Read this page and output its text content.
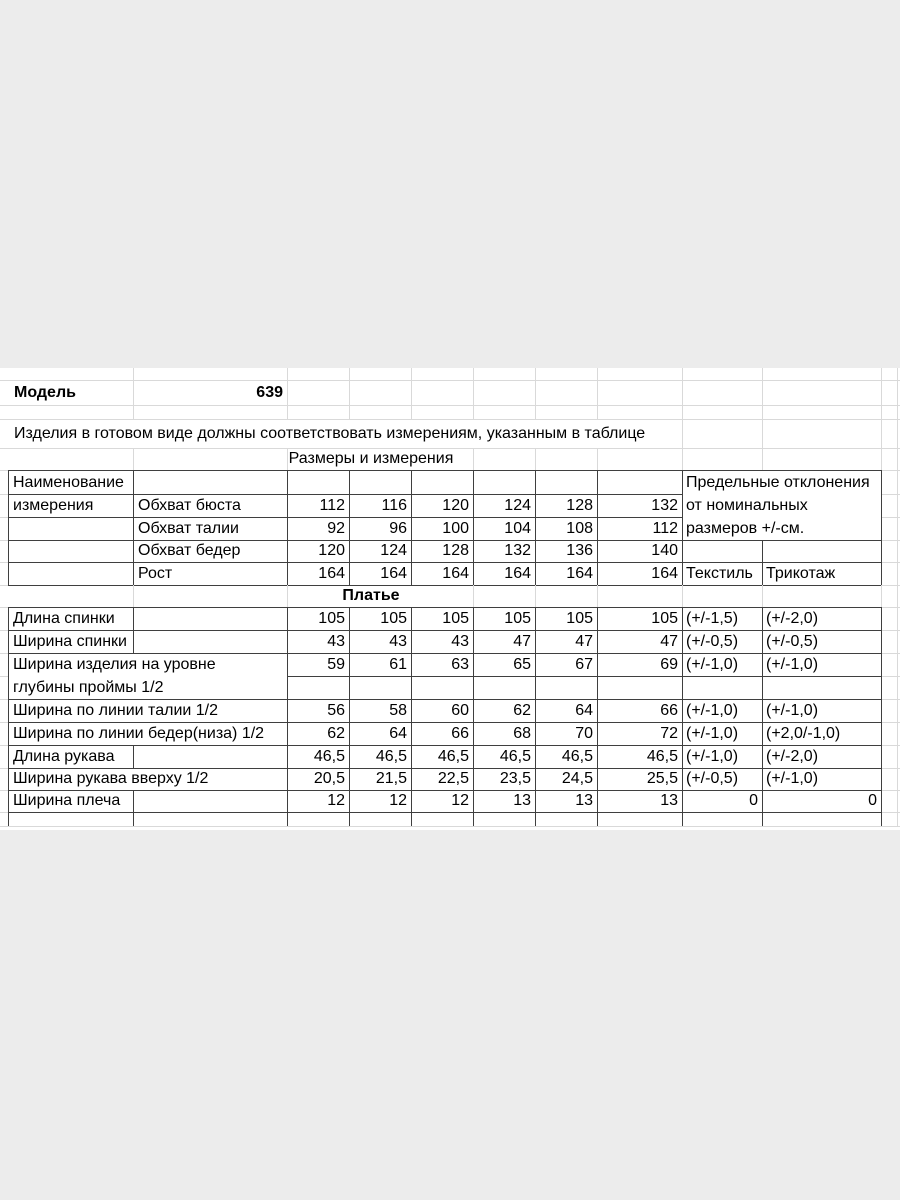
Модель	639
Изделия в готовом виде должны соответствовать измерениям, указанным в таблице
Размеры и измерения
Наименование
измерения
Предельные отклонения
от номинальных
размеров +/-см.
Текстиль Трикотаж
Платье
Обхват бюста	112	116	120	124	128	132
Обхват талии	92	96	100	104	108	112
Обхват бедер	120	124	128	132	136	140
Рост	164	164	164	164	164	164
Длина спинки	105	105	105	105	105	105 (+/-1,5) (+/-2,0)
Ширина спинки	43	43	43	47	47	47 (+/-0,5) (+/-0,5)
Ширина изделия на уровне
глубины проймы 1/2
59	61	63	65	67	69 (+/-1,0) (+/-1,0)
Ширина по линии талии 1/2	56	58	60	62	64	66 (+/-1,0) (+/-1,0)
Ширина по линии бедер(низа) 1/2	62	64	66	68	70	72 (+/-1,0) (+2,0/-1,0)
Длина рукава	46,5	46,5	46,5	46,5	46,5	46,5 (+/-1,0) (+/-2,0)
Ширина рукава вверху 1/2	20,5	21,5	22,5	23,5	24,5	25,5 (+/-0,5) (+/-1,0)
Ширина плеча	12	12	12	13	13	13	0	0
